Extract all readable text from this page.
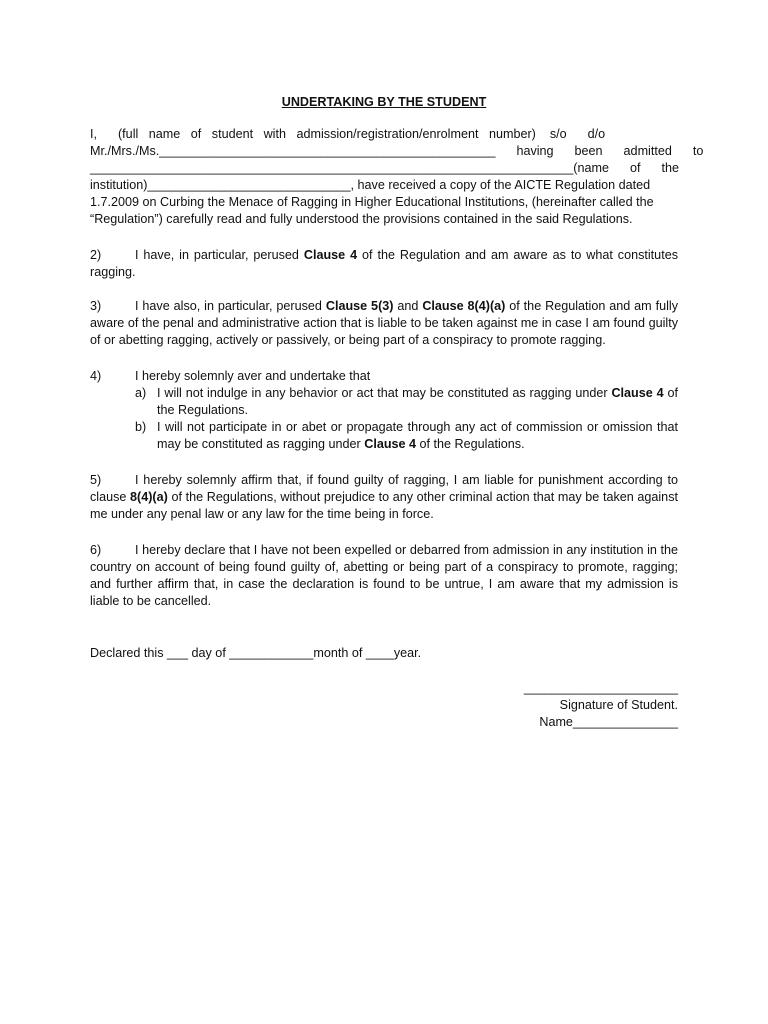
UNDERTAKING BY THE STUDENT
I,      (full   name   of   student   with   admission/registration/enrolment   number)    s/o      d/o
Mr./Mrs./Ms.________________________________________________      having      been      admitted      to
_____________________________________________________________________(name      of      the
institution)_____________________________, have received a copy of the AICTE Regulation dated
1.7.2009 on Curbing the Menace of Ragging in Higher Educational Institutions, (hereinafter called the
“Regulation”) carefully read and fully understood the provisions contained in the said Regulations.
2)	I have, in particular, perused Clause 4 of the Regulation and am aware as to what constitutes ragging.
3)	I have also, in particular, perused Clause 5(3) and Clause 8(4)(a) of the Regulation and am fully aware of the penal and administrative action that is liable to be taken against me in case I am found guilty of or abetting ragging, actively or passively, or being part of a conspiracy to promote ragging.
4)	I hereby solemnly aver and undertake that
a) I will not indulge in any behavior or act that may be constituted as ragging under Clause 4 of the Regulations.
b) I will not participate in or abet or propagate through any act of commission or omission that may be constituted as ragging under Clause 4 of the Regulations.
5)	I hereby solemnly affirm that, if found guilty of ragging, I am liable for punishment according to clause 8(4)(a) of the Regulations, without prejudice to any other criminal action that may be taken against me under any penal law or any law for the time being in force.
6)	I hereby declare that I have not been expelled or debarred from admission in any institution in the country on account of being found guilty of, abetting or being part of a conspiracy to promote, ragging; and further affirm that, in case the declaration is found to be untrue, I am aware that my admission is liable to be cancelled.
Declared this ___ day of ____________month of ____year.
______________________
Signature of Student.
Name_______________
